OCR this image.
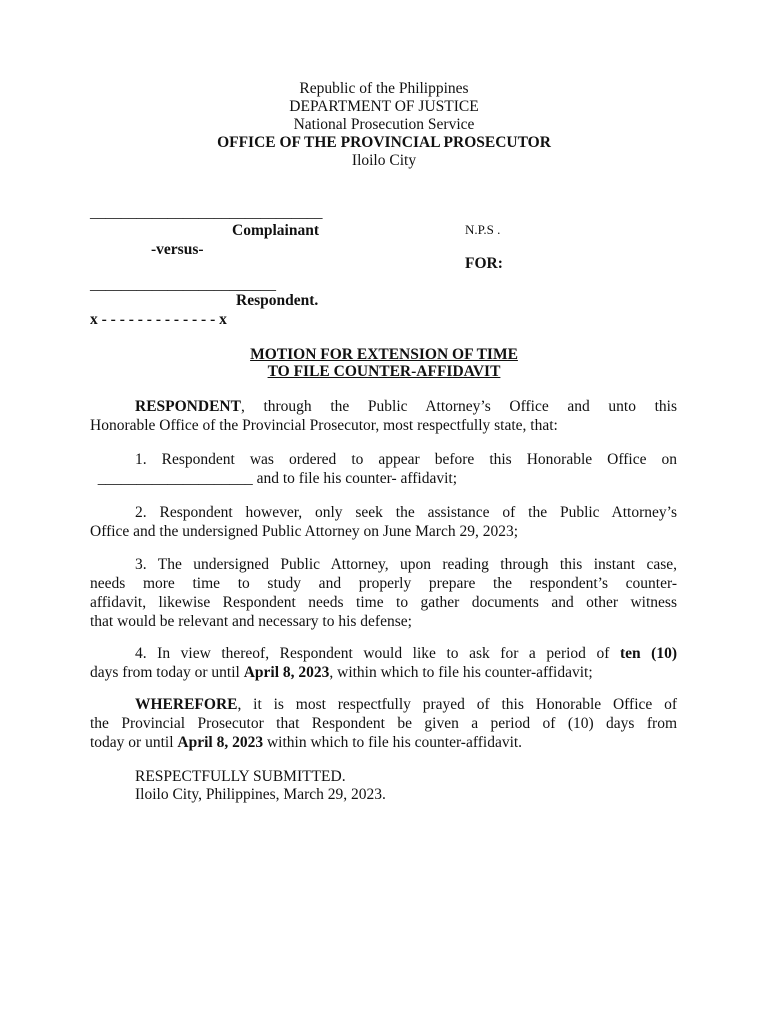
Republic of the Philippines
DEPARTMENT OF JUSTICE
National Prosecution Service
OFFICE OF THE PROVINCIAL PROSECUTOR
Iloilo City
______________________________
Complainant
-versus-
________________________
Respondent.
x - - - - - - - - - - - - - x
N.P.S .
FOR:
MOTION FOR EXTENSION OF TIME
TO FILE COUNTER-AFFIDAVIT
RESPONDENT, through the Public Attorney’s Office and unto this
Honorable Office of the Provincial Prosecutor, most respectfully state, that:
1. Respondent was ordered to appear before this Honorable Office on
____________________ and to file his counter- affidavit;
2. Respondent however, only seek the assistance of the Public Attorney’s
Office and the undersigned Public Attorney on June March 29, 2023;
3. The undersigned Public Attorney, upon reading through this instant case,
needs more time to study and properly prepare the respondent’s counter-
affidavit, likewise Respondent needs time to gather documents and other witness
that would be relevant and necessary to his defense;
4. In view thereof, Respondent would like to ask for a period of ten (10)
days from today or until April 8, 2023, within which to file his counter-affidavit;
WHEREFORE, it is most respectfully prayed of this Honorable Office of
the Provincial Prosecutor that Respondent be given a period of (10) days from
today or until April 8, 2023 within which to file his counter-affidavit.
RESPECTFULLY SUBMITTED.
Iloilo City, Philippines, March 29, 2023.
